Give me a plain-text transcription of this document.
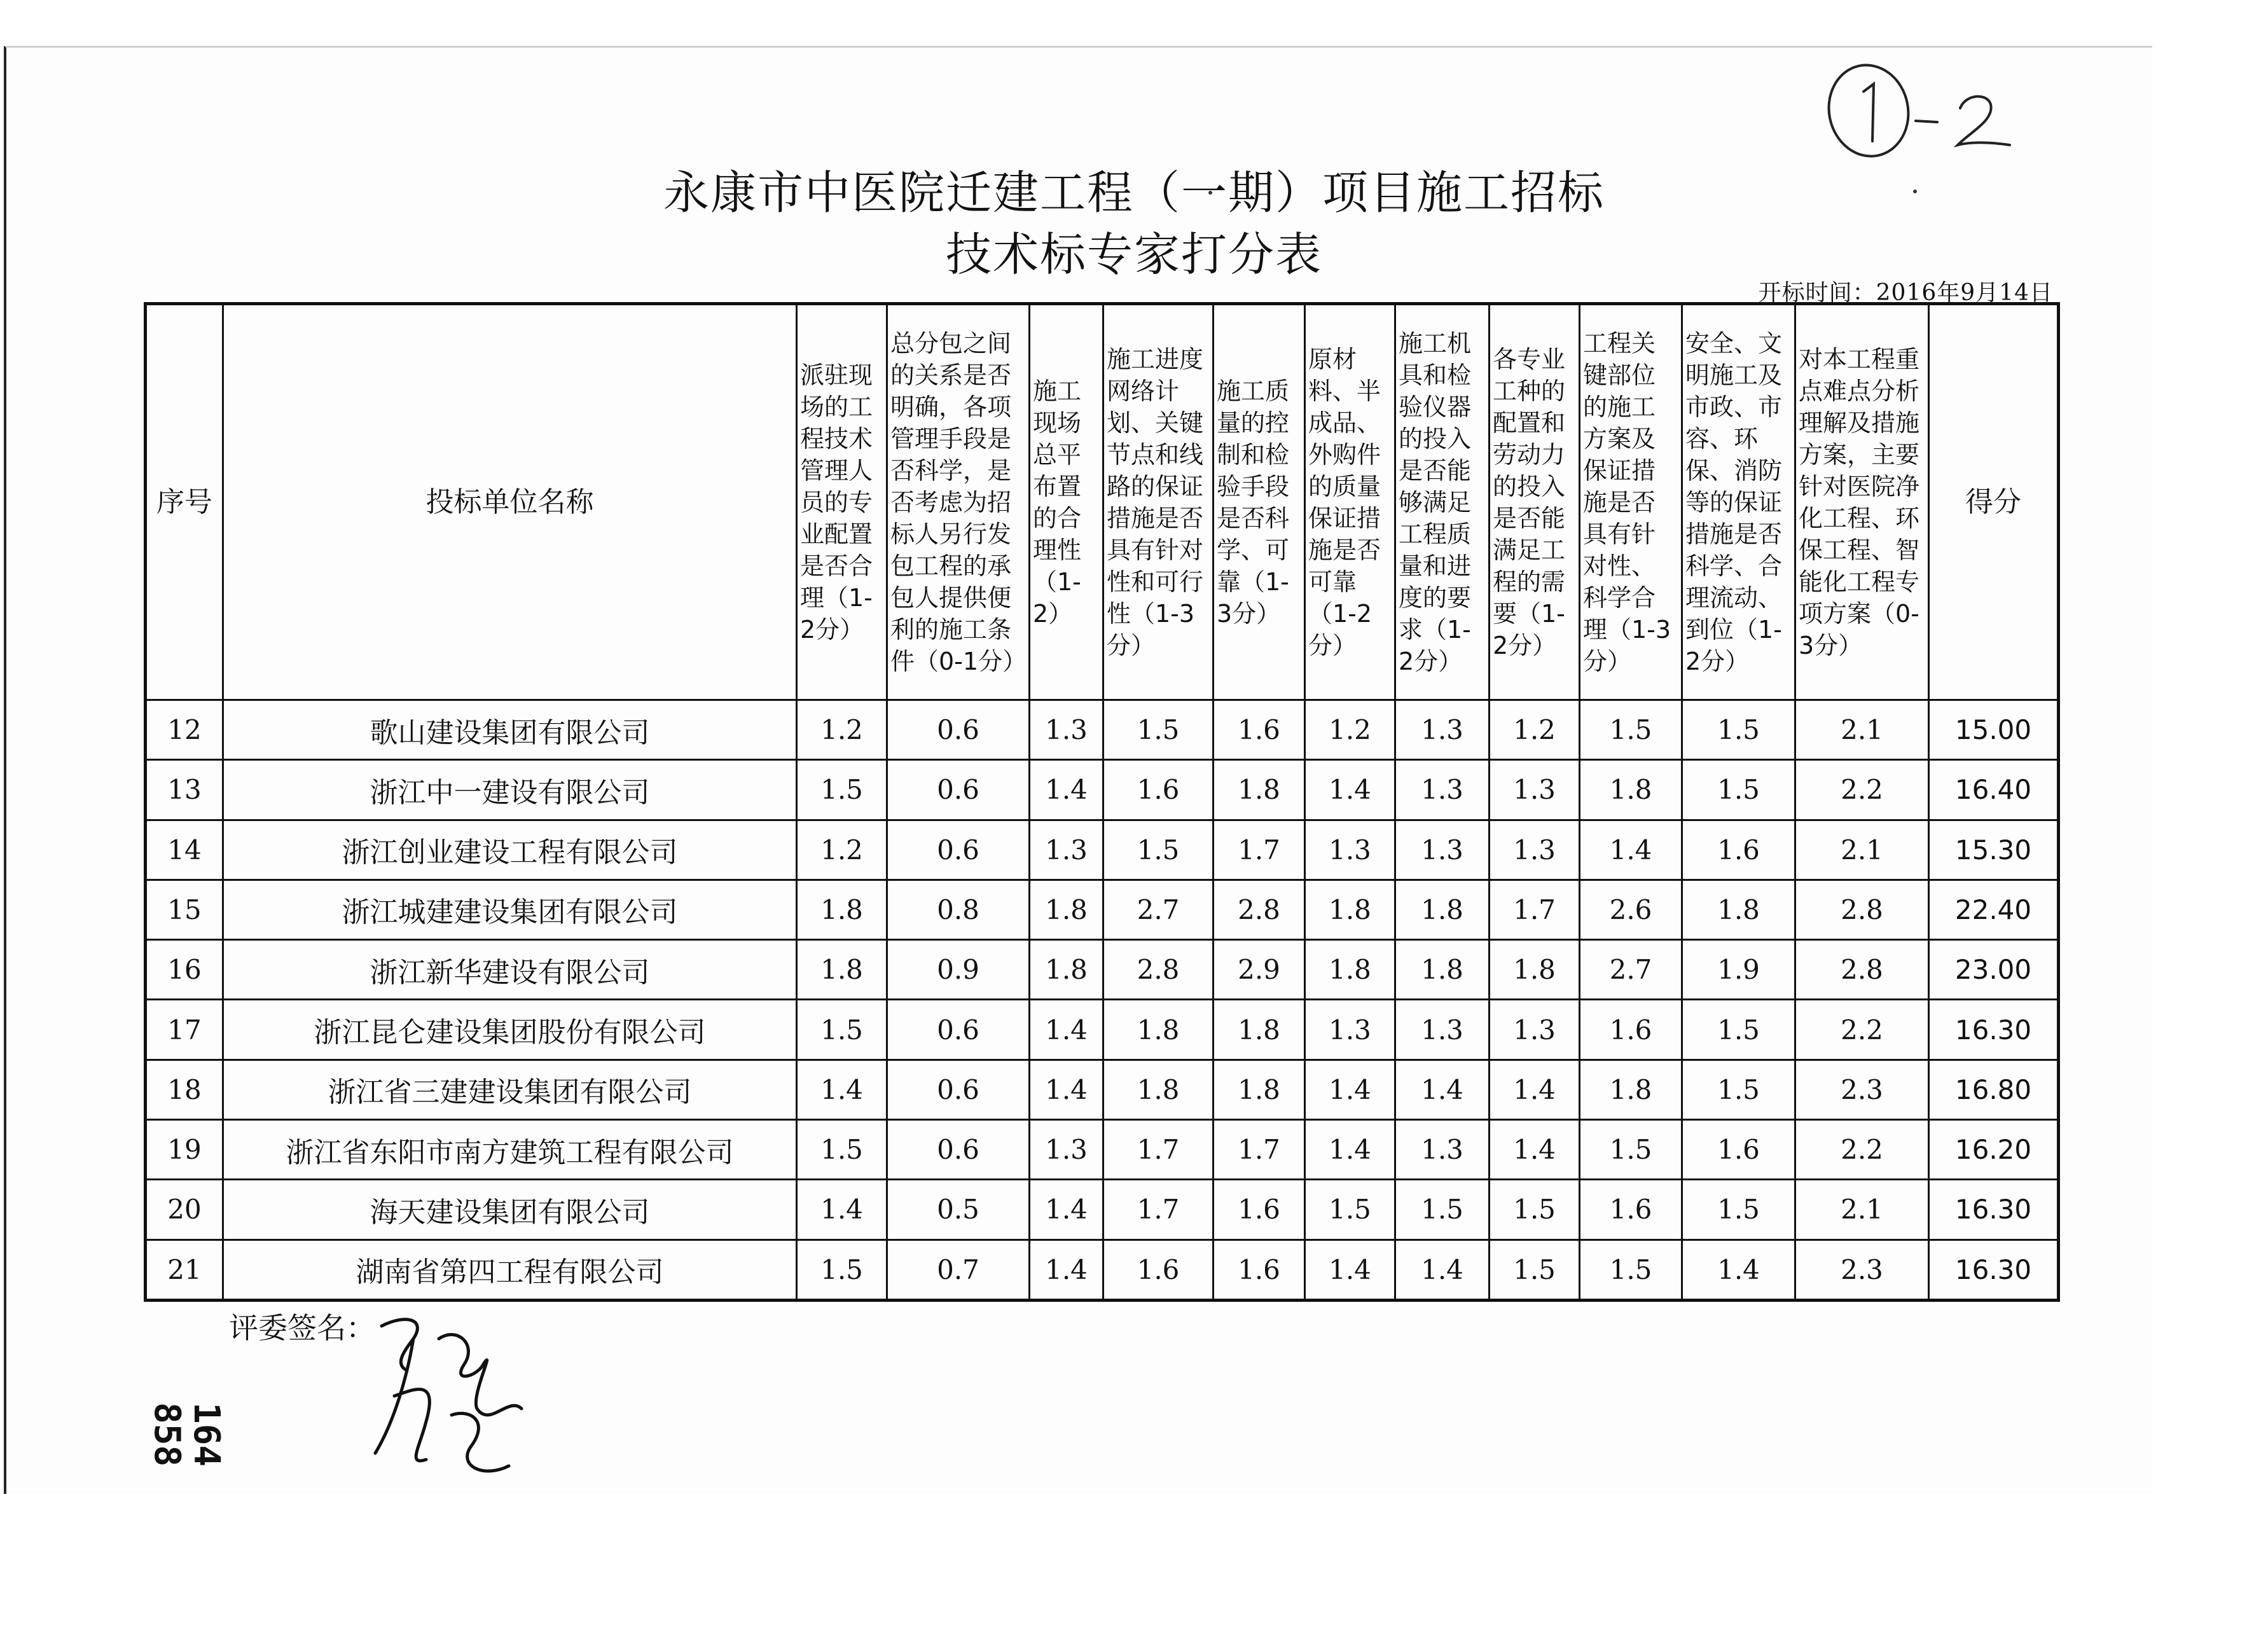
永康市中医院迁建工程（一期）项目施工招标
技术标专家打分表
开标时间：2016年9月14日
序号	投标单位名称	派驻现场的工程技术管理人员的专业配置是否合理（1-2分）	总分包之间的关系是否明确，各项管理手段是否科学，是否考虑为招标人另行发包工程的承包人提供便利的施工条件（0-1分）	施工现场总平布置的合理性（1-2）	施工进度网络计划、关键节点和线路的保证措施是否具有针对性和可行性（1-3分）	施工质量的控制和检验手段是否科学、可靠（1-3分）	原材料、半成品、外购件的质量保证措施是否可靠（1-2分）	施工机具和检验仪器的投入是否能够满足工程质量和进度的要求（1-2分）	各专业工种的配置和劳动力的投入是否能满足工程的需要（1-2分）	工程关键部位的施工方案及保证措施是否具有针对性、科学合理（1-3分）	安全、文明施工及市政、市容、环保、消防等的保证措施是否科学、合理流动、到位（1-2分）	对本工程重点难点分析理解及措施方案，主要针对医院净化工程、环保工程、智能化工程专项方案（0-3分）	得分
12	歌山建设集团有限公司	1.2	0.6	1.3	1.5	1.6	1.2	1.3	1.2	1.5	1.5	2.1	15.00
13	浙江中一建设有限公司	1.5	0.6	1.4	1.6	1.8	1.4	1.3	1.3	1.8	1.5	2.2	16.40
14	浙江创业建设工程有限公司	1.2	0.6	1.3	1.5	1.7	1.3	1.3	1.3	1.4	1.6	2.1	15.30
15	浙江城建建设集团有限公司	1.8	0.8	1.8	2.7	2.8	1.8	1.8	1.7	2.6	1.8	2.8	22.40
16	浙江新华建设有限公司	1.8	0.9	1.8	2.8	2.9	1.8	1.8	1.8	2.7	1.9	2.8	23.00
17	浙江昆仑建设集团股份有限公司	1.5	0.6	1.4	1.8	1.8	1.3	1.3	1.3	1.6	1.5	2.2	16.30
18	浙江省三建建设集团有限公司	1.4	0.6	1.4	1.8	1.8	1.4	1.4	1.4	1.8	1.5	2.3	16.80
19	浙江省东阳市南方建筑工程有限公司	1.5	0.6	1.3	1.7	1.7	1.4	1.3	1.4	1.5	1.6	2.2	16.20
20	海天建设集团有限公司	1.4	0.5	1.4	1.7	1.6	1.5	1.5	1.5	1.6	1.5	2.1	16.30
21	湖南省第四工程有限公司	1.5	0.7	1.4	1.6	1.6	1.4	1.4	1.5	1.5	1.4	2.3	16.30
评委签名：
164
858
